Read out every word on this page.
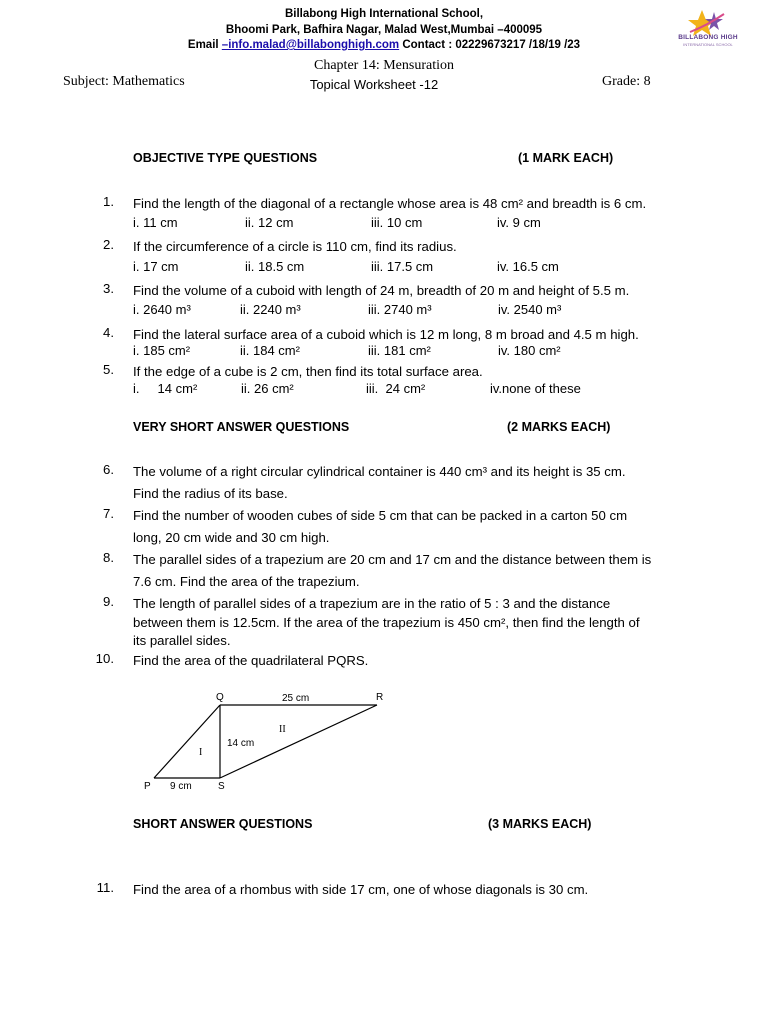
Billabong High International School,
Bhoomi Park, Bafhira Nagar, Malad West,Mumbai –400095
Email –info.malad@billabonghigh.com Contact : 02229673217 /18/19 /23
BILLABONG HIGH
INTERNATIONAL SCHOOL
Chapter 14: Mensuration
Subject: Mathematics	Topical Worksheet -12	Grade: 8
OBJECTIVE TYPE QUESTIONS	(1 MARK EACH)
1. Find the length of the diagonal of a rectangle whose area is 48 cm² and breadth is 6 cm.
i. 11 cm	ii. 12 cm	iii. 10 cm	iv. 9 cm
2. If the circumference of a circle is 110 cm, find its radius.
i. 17 cm	ii. 18.5 cm	iii. 17.5 cm	iv. 16.5 cm
3. Find the volume of a cuboid with length of 24 m, breadth of 20 m and height of 5.5 m.
i. 2640 m³	ii. 2240 m³	iii. 2740 m³	iv. 2540 m³
4. Find the lateral surface area of a cuboid which is 12 m long, 8 m broad and 4.5 m high.
i. 185 cm²	ii. 184 cm²	iii. 181 cm²	iv. 180 cm²
5. If the edge of a cube is 2 cm, then find its total surface area.
i.     14 cm²	ii. 26 cm²	iii.  24 cm²	iv.none of these
VERY SHORT ANSWER QUESTIONS	(2 MARKS EACH)
6. The volume of a right circular cylindrical container is 440 cm³ and its height is 35 cm.
Find the radius of its base.
7. Find the number of wooden cubes of side 5 cm that can be packed in a carton 50 cm
long, 20 cm wide and 30 cm high.
8. The parallel sides of a trapezium are 20 cm and 17 cm and the distance between them is
7.6 cm. Find the area of the trapezium.
9. The length of parallel sides of a trapezium are in the ratio of 5 : 3 and the distance
between them is 12.5cm. If the area of the trapezium is 450 cm², then find the length of
its parallel sides.
10. Find the area of the quadrilateral PQRS.
Q	R
P	S
25 cm
14 cm
9 cm
I
II
SHORT ANSWER QUESTIONS	(3 MARKS EACH)
11. Find the area of a rhombus with side 17 cm, one of whose diagonals is 30 cm.
